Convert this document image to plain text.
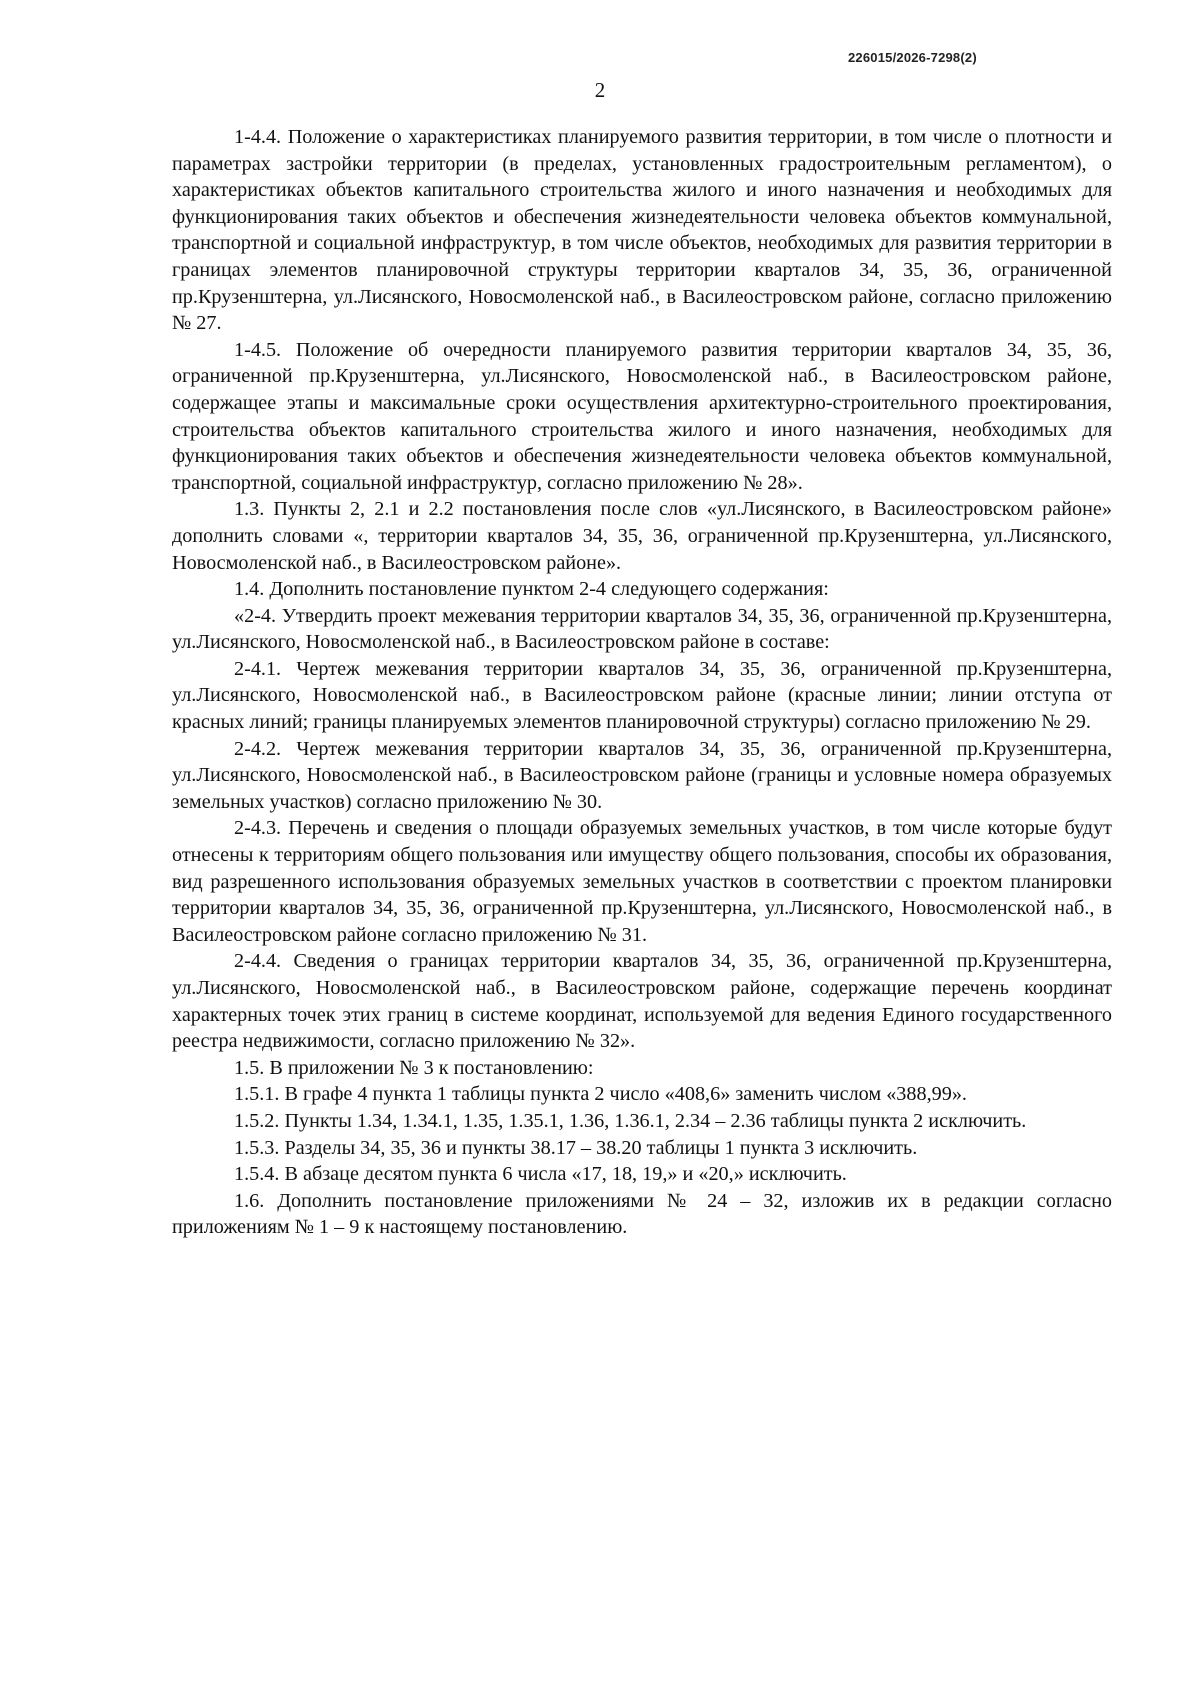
226015/2026-7298(2)
2

1-4.4. Положение о характеристиках планируемого развития территории, в том числе о плотности и параметрах застройки территории (в пределах, установленных градостроительным регламентом), о характеристиках объектов капитального строительства жилого и иного назначения и необходимых для функционирования таких объектов и обеспечения жизнедеятельности человека объектов коммунальной, транспортной и социальной инфраструктур, в том числе объектов, необходимых для развития территории в границах элементов планировочной структуры территории кварталов 34, 35, 36, ограниченной пр.Крузенштерна, ул.Лисянского, Новосмоленской наб., в Василеостровском районе, согласно приложению № 27.

1-4.5. Положение об очередности планируемого развития территории кварталов 34, 35, 36, ограниченной пр.Крузенштерна, ул.Лисянского, Новосмоленской наб., в Василеостровском районе, содержащее этапы и максимальные сроки осуществления архитектурно-строительного проектирования, строительства объектов капитального строительства жилого и иного назначения, необходимых для функционирования таких объектов и обеспечения жизнедеятельности человека объектов коммунальной, транспортной, социальной инфраструктур, согласно приложению № 28».

1.3. Пункты 2, 2.1 и 2.2 постановления после слов «ул.Лисянского, в Василеостровском районе» дополнить словами «, территории кварталов 34, 35, 36, ограниченной пр.Крузенштерна, ул.Лисянского, Новосмоленской наб., в Василеостровском районе».

1.4. Дополнить постановление пунктом 2-4 следующего содержания:

«2-4. Утвердить проект межевания территории кварталов 34, 35, 36, ограниченной пр.Крузенштерна, ул.Лисянского, Новосмоленской наб., в Василеостровском районе в составе:

2-4.1. Чертеж межевания территории кварталов 34, 35, 36, ограниченной пр.Крузенштерна, ул.Лисянского, Новосмоленской наб., в Василеостровском районе (красные линии; линии отступа от красных линий; границы планируемых элементов планировочной структуры) согласно приложению № 29.

2-4.2. Чертеж межевания территории кварталов 34, 35, 36, ограниченной пр.Крузенштерна, ул.Лисянского, Новосмоленской наб., в Василеостровском районе (границы и условные номера образуемых земельных участков) согласно приложению № 30.

2-4.3. Перечень и сведения о площади образуемых земельных участков, в том числе которые будут отнесены к территориям общего пользования или имуществу общего пользования, способы их образования, вид разрешенного использования образуемых земельных участков в соответствии с проектом планировки территории кварталов 34, 35, 36, ограниченной пр.Крузенштерна, ул.Лисянского, Новосмоленской наб., в Василеостровском районе согласно приложению № 31.

2-4.4. Сведения о границах территории кварталов 34, 35, 36, ограниченной пр.Крузенштерна, ул.Лисянского, Новосмоленской наб., в Василеостровском районе, содержащие перечень координат характерных точек этих границ в системе координат, используемой для ведения Единого государственного реестра недвижимости, согласно приложению № 32».

1.5. В приложении № 3 к постановлению:

1.5.1. В графе 4 пункта 1 таблицы пункта 2 число «408,6» заменить числом «388,99».

1.5.2. Пункты 1.34, 1.34.1, 1.35, 1.35.1, 1.36, 1.36.1, 2.34 – 2.36 таблицы пункта 2 исключить.

1.5.3. Разделы 34, 35, 36 и пункты 38.17 – 38.20 таблицы 1 пункта 3 исключить.

1.5.4. В абзаце десятом пункта 6 числа «17, 18, 19,» и «20,» исключить.

1.6. Дополнить постановление приложениями № 24 – 32, изложив их в редакции согласно приложениям № 1 – 9 к настоящему постановлению.
